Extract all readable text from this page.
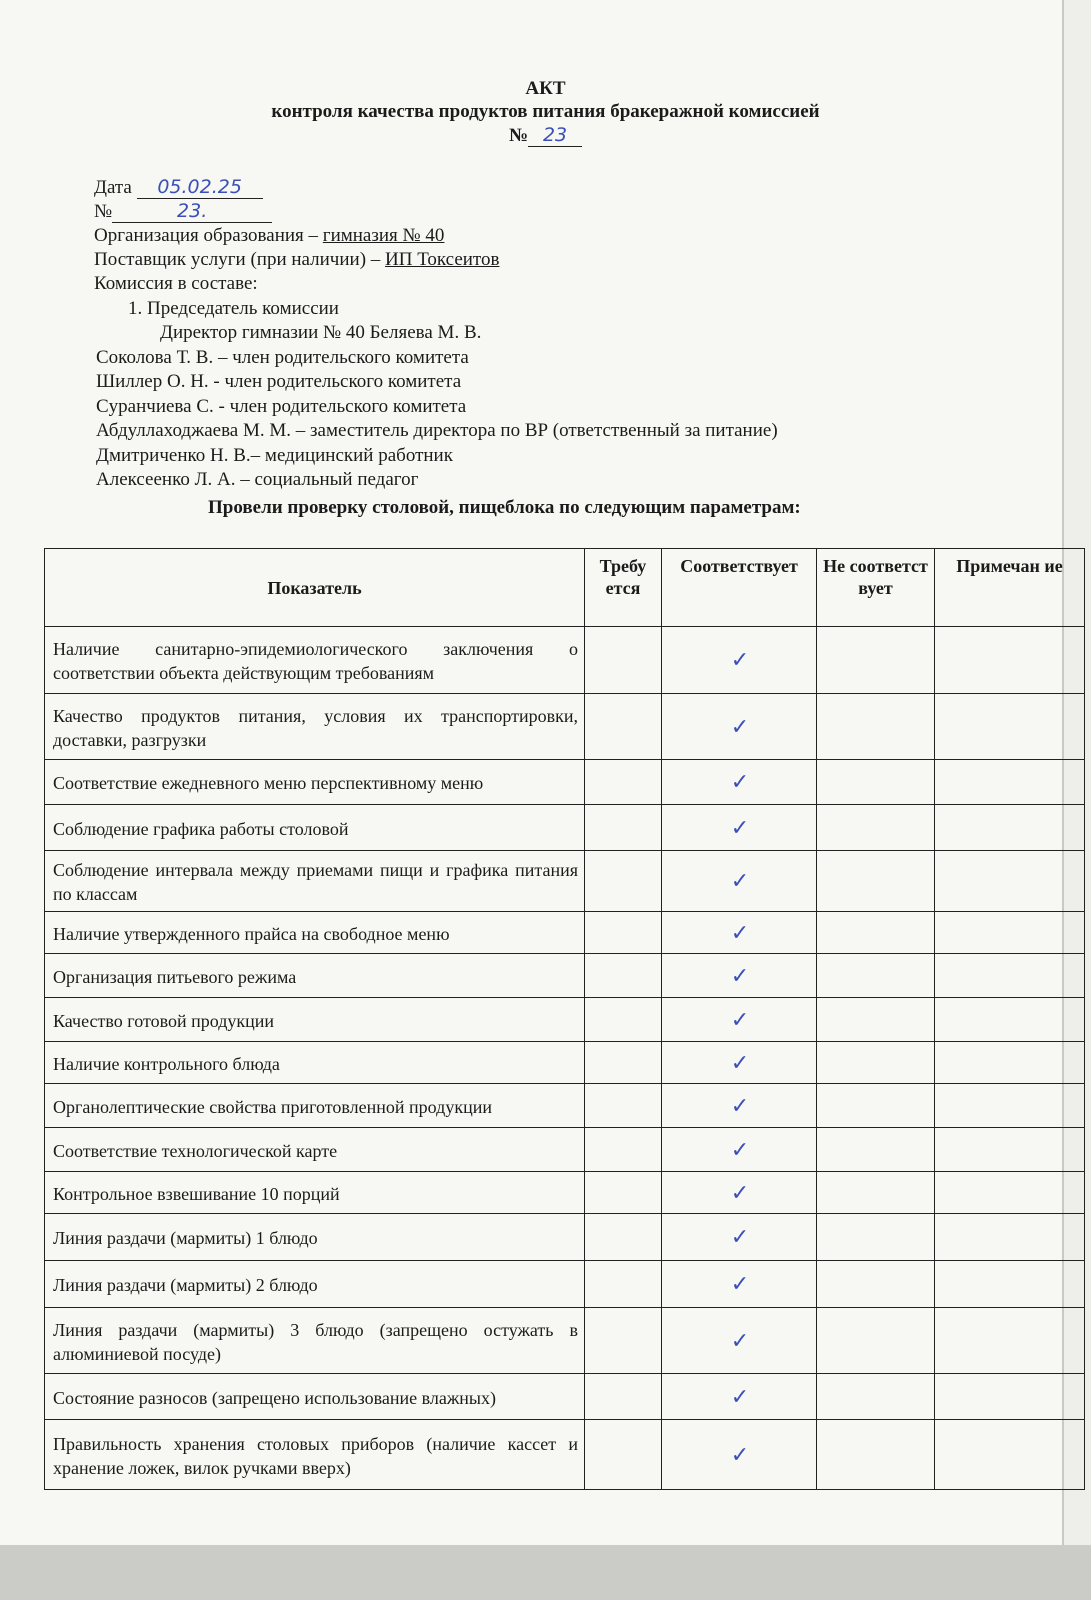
АКТ
контроля качества продуктов питания бракеражной комиссией
№ 23
Дата 05.02.25
№	23.
Организация образования – гимназия № 40
Поставщик услуги (при наличии) – ИП Токсеитов
Комиссия в составе:
1. Председатель комиссии
Директор гимназии № 40 Беляева М. В.
Соколова Т. В. – член родительского комитета
Шиллер О. Н. - член родительского комитета
Сyранчиева С. - член родительского комитета
Абдуллаходжаева М. М. – заместитель директора по ВР (ответственный за питание)
Дмитриченко Н. В.– медицинский работник
Алексеенко Л. А. – социальный педагог
Провели проверку столовой, пищеблока по следующим параметрам:
Показатель	Требу ется	Соответствует	Не соответст вует	Примечан ие
Наличие санитарно-эпидемиологического заключения о соответствии объекта действующим требованиям		✓		
Качество продуктов питания, условия их транспортировки, доставки, разгрузки		✓		
Соответствие ежедневного меню перспективному меню		✓		
Соблюдение графика работы столовой		✓		
Соблюдение интервала между приемами пищи и графика питания по классам		✓		
Наличие утвержденного прайса на свободное меню		✓		
Организация питьевого режима		✓		
Качество готовой продукции		✓		
Наличие контрольного блюда		✓		
Органолептические свойства приготовленной продукции		✓		
Соответствие технологической карте		✓		
Контрольное взвешивание 10 порций		✓		
Линия раздачи (мармиты) 1 блюдо		✓		
Линия раздачи (мармиты) 2 блюдо		✓		
Линия раздачи (мармиты) 3 блюдо (запрещено остужать в алюминиевой посуде)		✓		
Состояние разносов (запрещено использование влажных)		✓		
Правильность хранения столовых приборов (наличие кассет и хранение ложек, вилок ручками вверх)		✓		
